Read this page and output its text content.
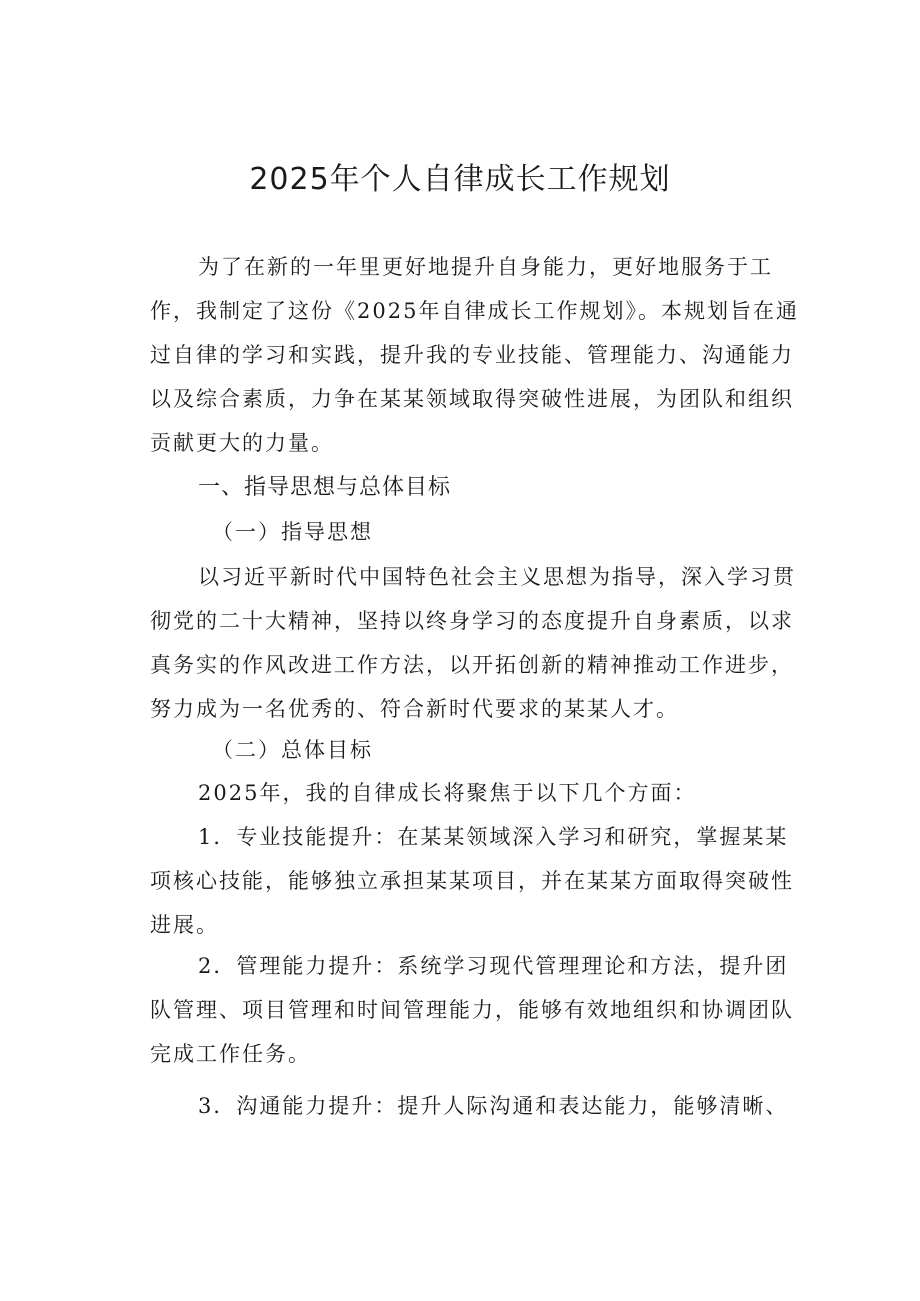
2025年个人自律成长工作规划
为了在新的一年里更好地提升自身能力，更好地服务于工作，我制定了这份《2025年自律成长工作规划》。本规划旨在通过自律的学习和实践，提升我的专业技能、管理能力、沟通能力以及综合素质，力争在某某领域取得突破性进展，为团队和组织贡献更大的力量。
一、指导思想与总体目标
（一）指导思想
以习近平新时代中国特色社会主义思想为指导，深入学习贯彻党的二十大精神，坚持以终身学习的态度提升自身素质，以求真务实的作风改进工作方法，以开拓创新的精神推动工作进步，努力成为一名优秀的、符合新时代要求的某某人才。
（二）总体目标
2025年，我的自律成长将聚焦于以下几个方面：
1．专业技能提升：在某某领域深入学习和研究，掌握某某项核心技能，能够独立承担某某项目，并在某某方面取得突破性进展。
2．管理能力提升：系统学习现代管理理论和方法，提升团队管理、项目管理和时间管理能力，能够有效地组织和协调团队完成工作任务。
3．沟通能力提升：提升人际沟通和表达能力，能够清晰、
